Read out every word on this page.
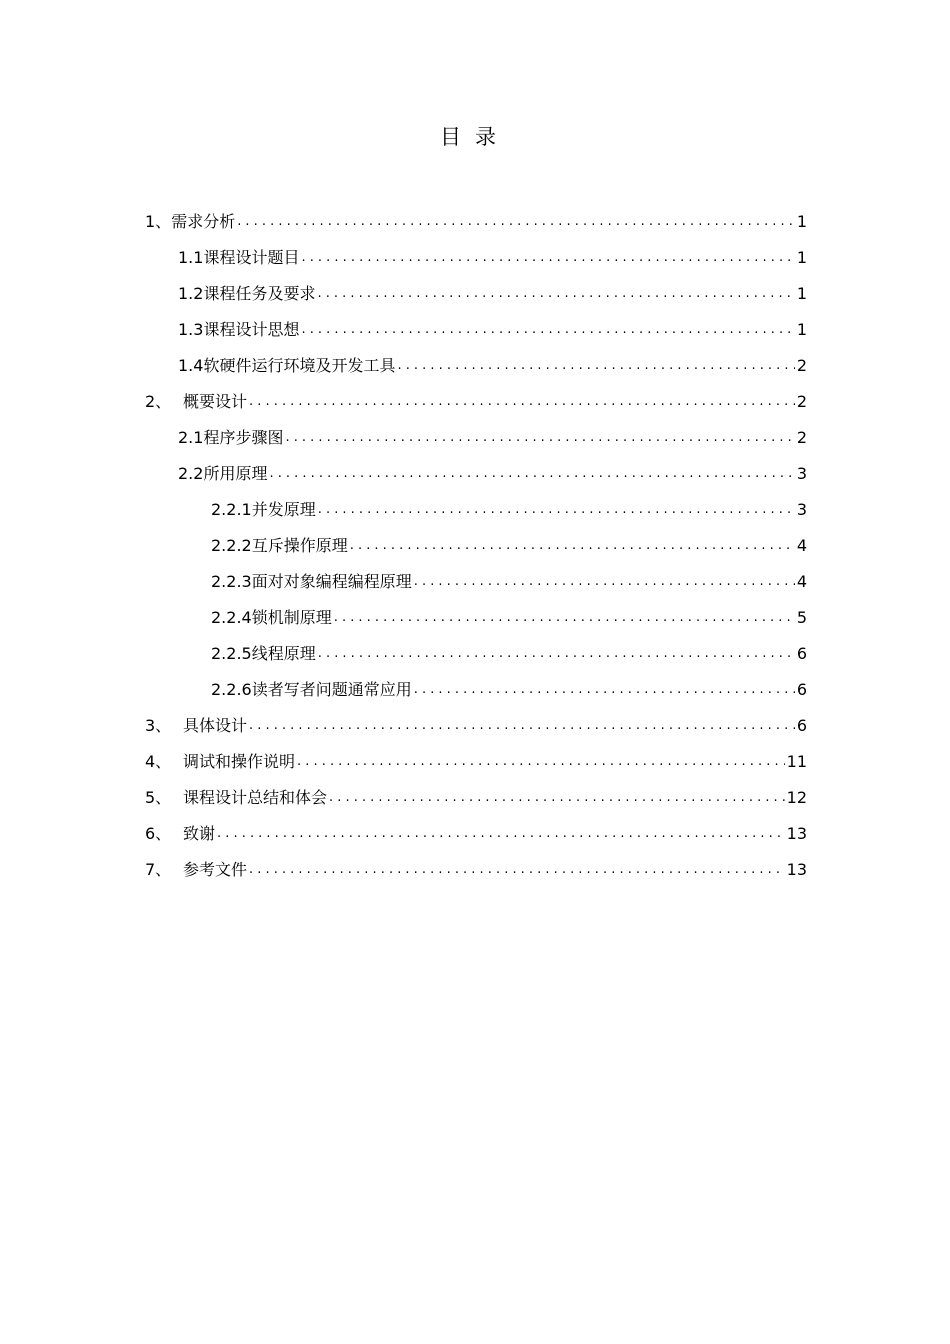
目录
1、 需求分析 .....	1
1.1 课程设计题目 .....	1
1.2 课程任务及要求 .....	1
1.3 课程设计思想 .....	1
1.4 软硬件运行环境及开发工具 .....	2
2、 概要设计 .....	2
2.1 程序步骤图 .....	2
2.2 所用原理 .....	3
2.2.1 并发原理 .....	3
2.2.2 互斥操作原理 .....	4
2.2.3 面对对象编程编程原理 .....	4
2.2.4 锁机制原理 .....	5
2.2.5 线程原理 .....	6
2.2.6 读者写者问题通常应用 .....	6
3、 具体设计 .....	6
4、 调试和操作说明 .....	11
5、 课程设计总结和体会 .....	12
6、 致谢 .....	13
7、 参考文件 .....	13
